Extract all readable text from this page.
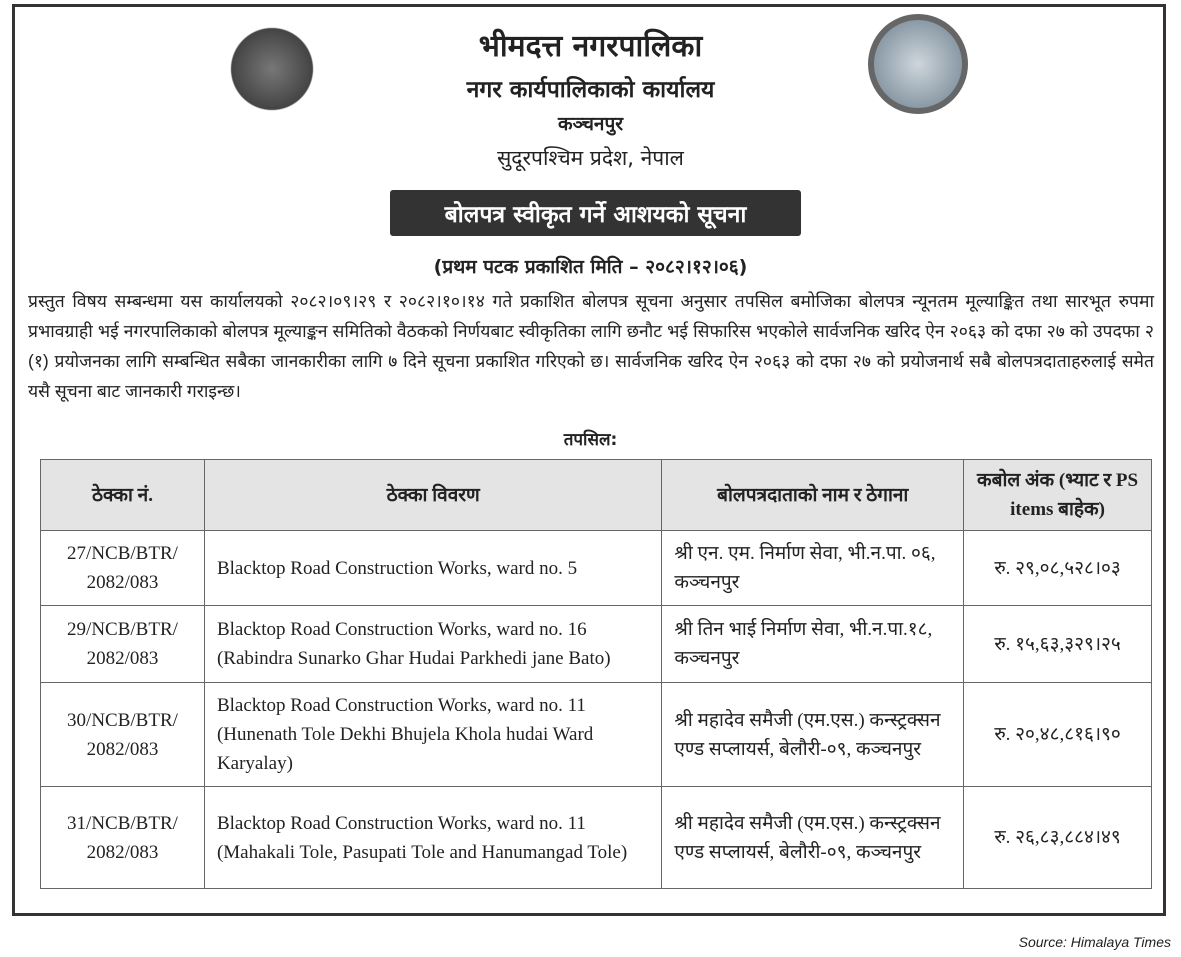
भीमदत्त नगरपालिका
नगर कार्यपालिकाको कार्यालय
कञ्चनपुर
सुदूरपश्चिम प्रदेश, नेपाल
बोलपत्र स्वीकृत गर्ने आशयको सूचना
(प्रथम पटक प्रकाशित मिति – २०८२।१२।०६)
प्रस्तुत विषय सम्बन्धमा यस कार्यालयको २०८२।०९।२९ र २०८२।१०।१४ गते प्रकाशित बोलपत्र सूचना अनुसार तपसिल बमोजिका बोलपत्र न्यूनतम मूल्याङ्कित तथा सारभूत रुपमा प्रभावग्राही भई नगरपालिकाको बोलपत्र मूल्याङ्कन समितिको वैठकको निर्णयबाट स्वीकृतिका लागि छनौट भई सिफारिस भएकोले सार्वजनिक खरिद ऐन २०६३ को दफा २७ को उपदफा २ (१) प्रयोजनका लागि सम्बन्धित सबैका जानकारीका लागि ७ दिने सूचना प्रकाशित गरिएको छ। सार्वजनिक खरिद ऐन २०६३ को दफा २७ को प्रयोजनार्थ सबै बोलपत्रदाताहरुलाई समेत यसै सूचना बाट जानकारी गराइन्छ।
तपसिल:
ठेक्का नं.	ठेक्का विवरण	बोलपत्रदाताको नाम र ठेगाना	कबोल अंक (भ्याट र PS items बाहेक)
27/NCB/BTR/ 2082/083	Blacktop Road Construction Works, ward no. 5	श्री एन. एम. निर्माण सेवा, भी.न.पा. ०६, कञ्चनपुर	रु. २९,०८,५२८।०३
29/NCB/BTR/ 2082/083	Blacktop Road Construction Works, ward no. 16 (Rabindra Sunarko Ghar Hudai Parkhedi jane Bato)	श्री तिन भाई निर्माण सेवा, भी.न.पा.१८, कञ्चनपुर	रु. १५,६३,३२९।२५
30/NCB/BTR/ 2082/083	Blacktop Road Construction Works, ward no. 11 (Hunenath Tole Dekhi Bhujela Khola hudai Ward Karyalay)	श्री महादेव समैजी (एम.एस.) कन्स्ट्रक्सन एण्ड सप्लायर्स, बेलौरी-०९, कञ्चनपुर	रु. २०,४८,८१६।९०
31/NCB/BTR/ 2082/083	Blacktop Road Construction Works, ward no. 11 (Mahakali Tole, Pasupati Tole and Hanumangad Tole)	श्री महादेव समैजी (एम.एस.) कन्स्ट्रक्सन एण्ड सप्लायर्स, बेलौरी-०९, कञ्चनपुर	रु. २६,८३,८८४।४९
Source: Himalaya Times
